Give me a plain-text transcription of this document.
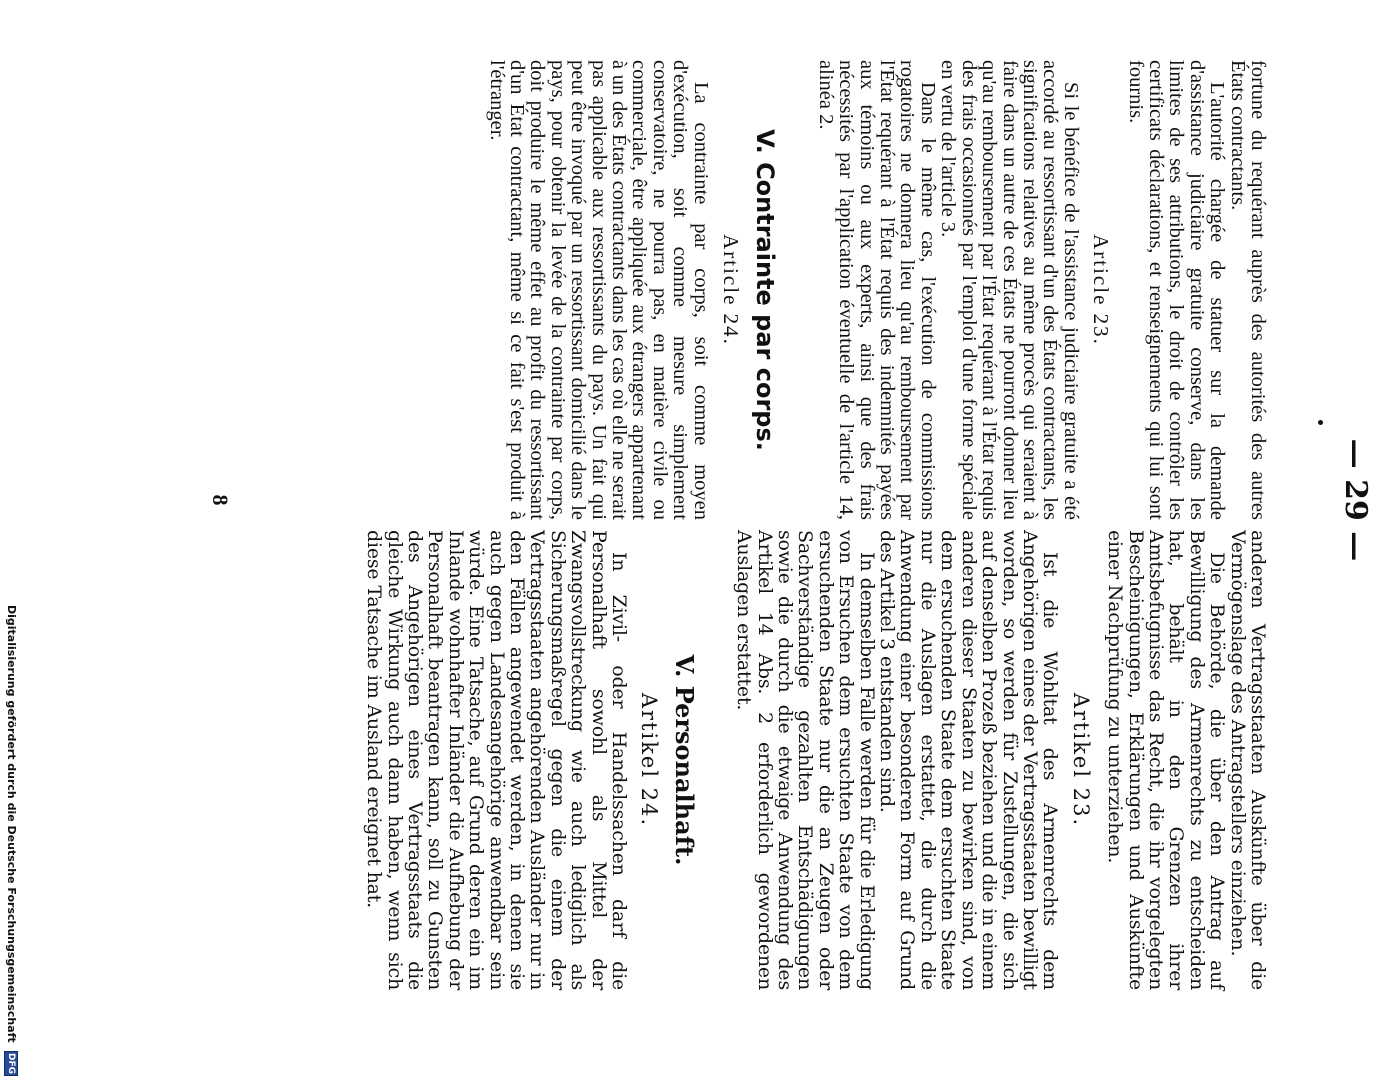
— 29 —

fortune du requérant auprès des autorités des autres États contractants.

L'autorité chargée de statuer sur la demande d'assistance judiciaire gratuite conserve, dans les limites de ses attributions, le droit de contrôler les certificats déclarations, et renseignements qui lui sont fournis.

Article 23.

Si le bénéfice de l'assistance judiciaire gratuite a été accordé au ressortissant d'un des États contractants, les significations relatives au même procès qui seraient à faire dans un autre de ces États ne pourront donner lieu qu'au remboursement par l'État requérant à l'État requis des frais occasionnés par l'emploi d'une forme spéciale en vertu de l'article 3.

Dans le même cas, l'exécution de commissions rogatoires ne donnera lieu qu'au remboursement par l'État requérant à l'État requis des indemnités payées aux témoins ou aux experts, ainsi que des frais nécessités par l'application éventuelle de l'article 14, alinéa 2.

V. Contrainte par corps.
Article 24.

La contrainte par corps, soit comme moyen d'exécution, soit comme mesure simplement conservatoire, ne pourra pas, en matière civile ou commerciale, être appliquée aux étrangers appartenant à un des États contractants dans les cas où elle ne serait pas applicable aux ressortissants du pays. Un fait qui peut être invoqué par un ressortissant domicilié dans le pays, pour obtenir la levée de la contrainte par corps, doit produire le même effet au profit du ressortissant d'un État contractant, même si ce fait s'est produit à l'étranger.

anderen Vertragsstaaten Auskünfte über die Vermögenslage des Antragstellers einziehen.

Die Behörde, die über den Antrag auf Bewilligung des Armenrechts zu entscheiden hat, behält in den Grenzen ihrer Amtsbefugnisse das Recht, die ihr vorgelegten Bescheinigungen, Erklärungen und Auskünfte einer Nachprüfung zu unterziehen.

Artikel 23.

Ist die Wohltat des Armenrechts dem Angehörigen eines der Vertragsstaaten bewilligt worden, so werden für Zustellungen, die sich auf denselben Prozeß beziehen und die in einem anderen dieser Staaten zu bewirken sind, von dem ersuchenden Staate dem ersuchten Staate nur die Auslagen erstattet, die durch die Anwendung einer besonderen Form auf Grund des Artikel 3 entstanden sind.

In demselben Falle werden für die Erledigung von Ersuchen dem ersuchten Staate von dem ersuchenden Staate nur die an Zeugen oder Sachverständige gezahlten Entschädigungen sowie die durch die etwaige Anwendung des Artikel 14 Abs. 2 erforderlich gewordenen Auslagen erstattet.

V. Personalhaft.
Artikel 24.

In Zivil- oder Handelssachen darf die Personalhaft sowohl als Mittel der Zwangsvollstreckung wie auch lediglich als Sicherungsmaßregel gegen die einem der Vertragsstaaten angehörenden Ausländer nur in den Fällen angewendet werden, in denen sie auch gegen Landesangehörige anwendbar sein würde. Eine Tatsache, auf Grund deren ein im Inlande wohnhafter Inländer die Aufhebung der Personalhaft beantragen kann, soll zu Gunsten des Angehörigen eines Vertragsstaats die gleiche Wirkung auch dann haben, wenn sich diese Tatsache im Ausland ereignet hat.

8
Digitalisierung gefördert durch die Deutsche Forschungsgemeinschaft DFG
